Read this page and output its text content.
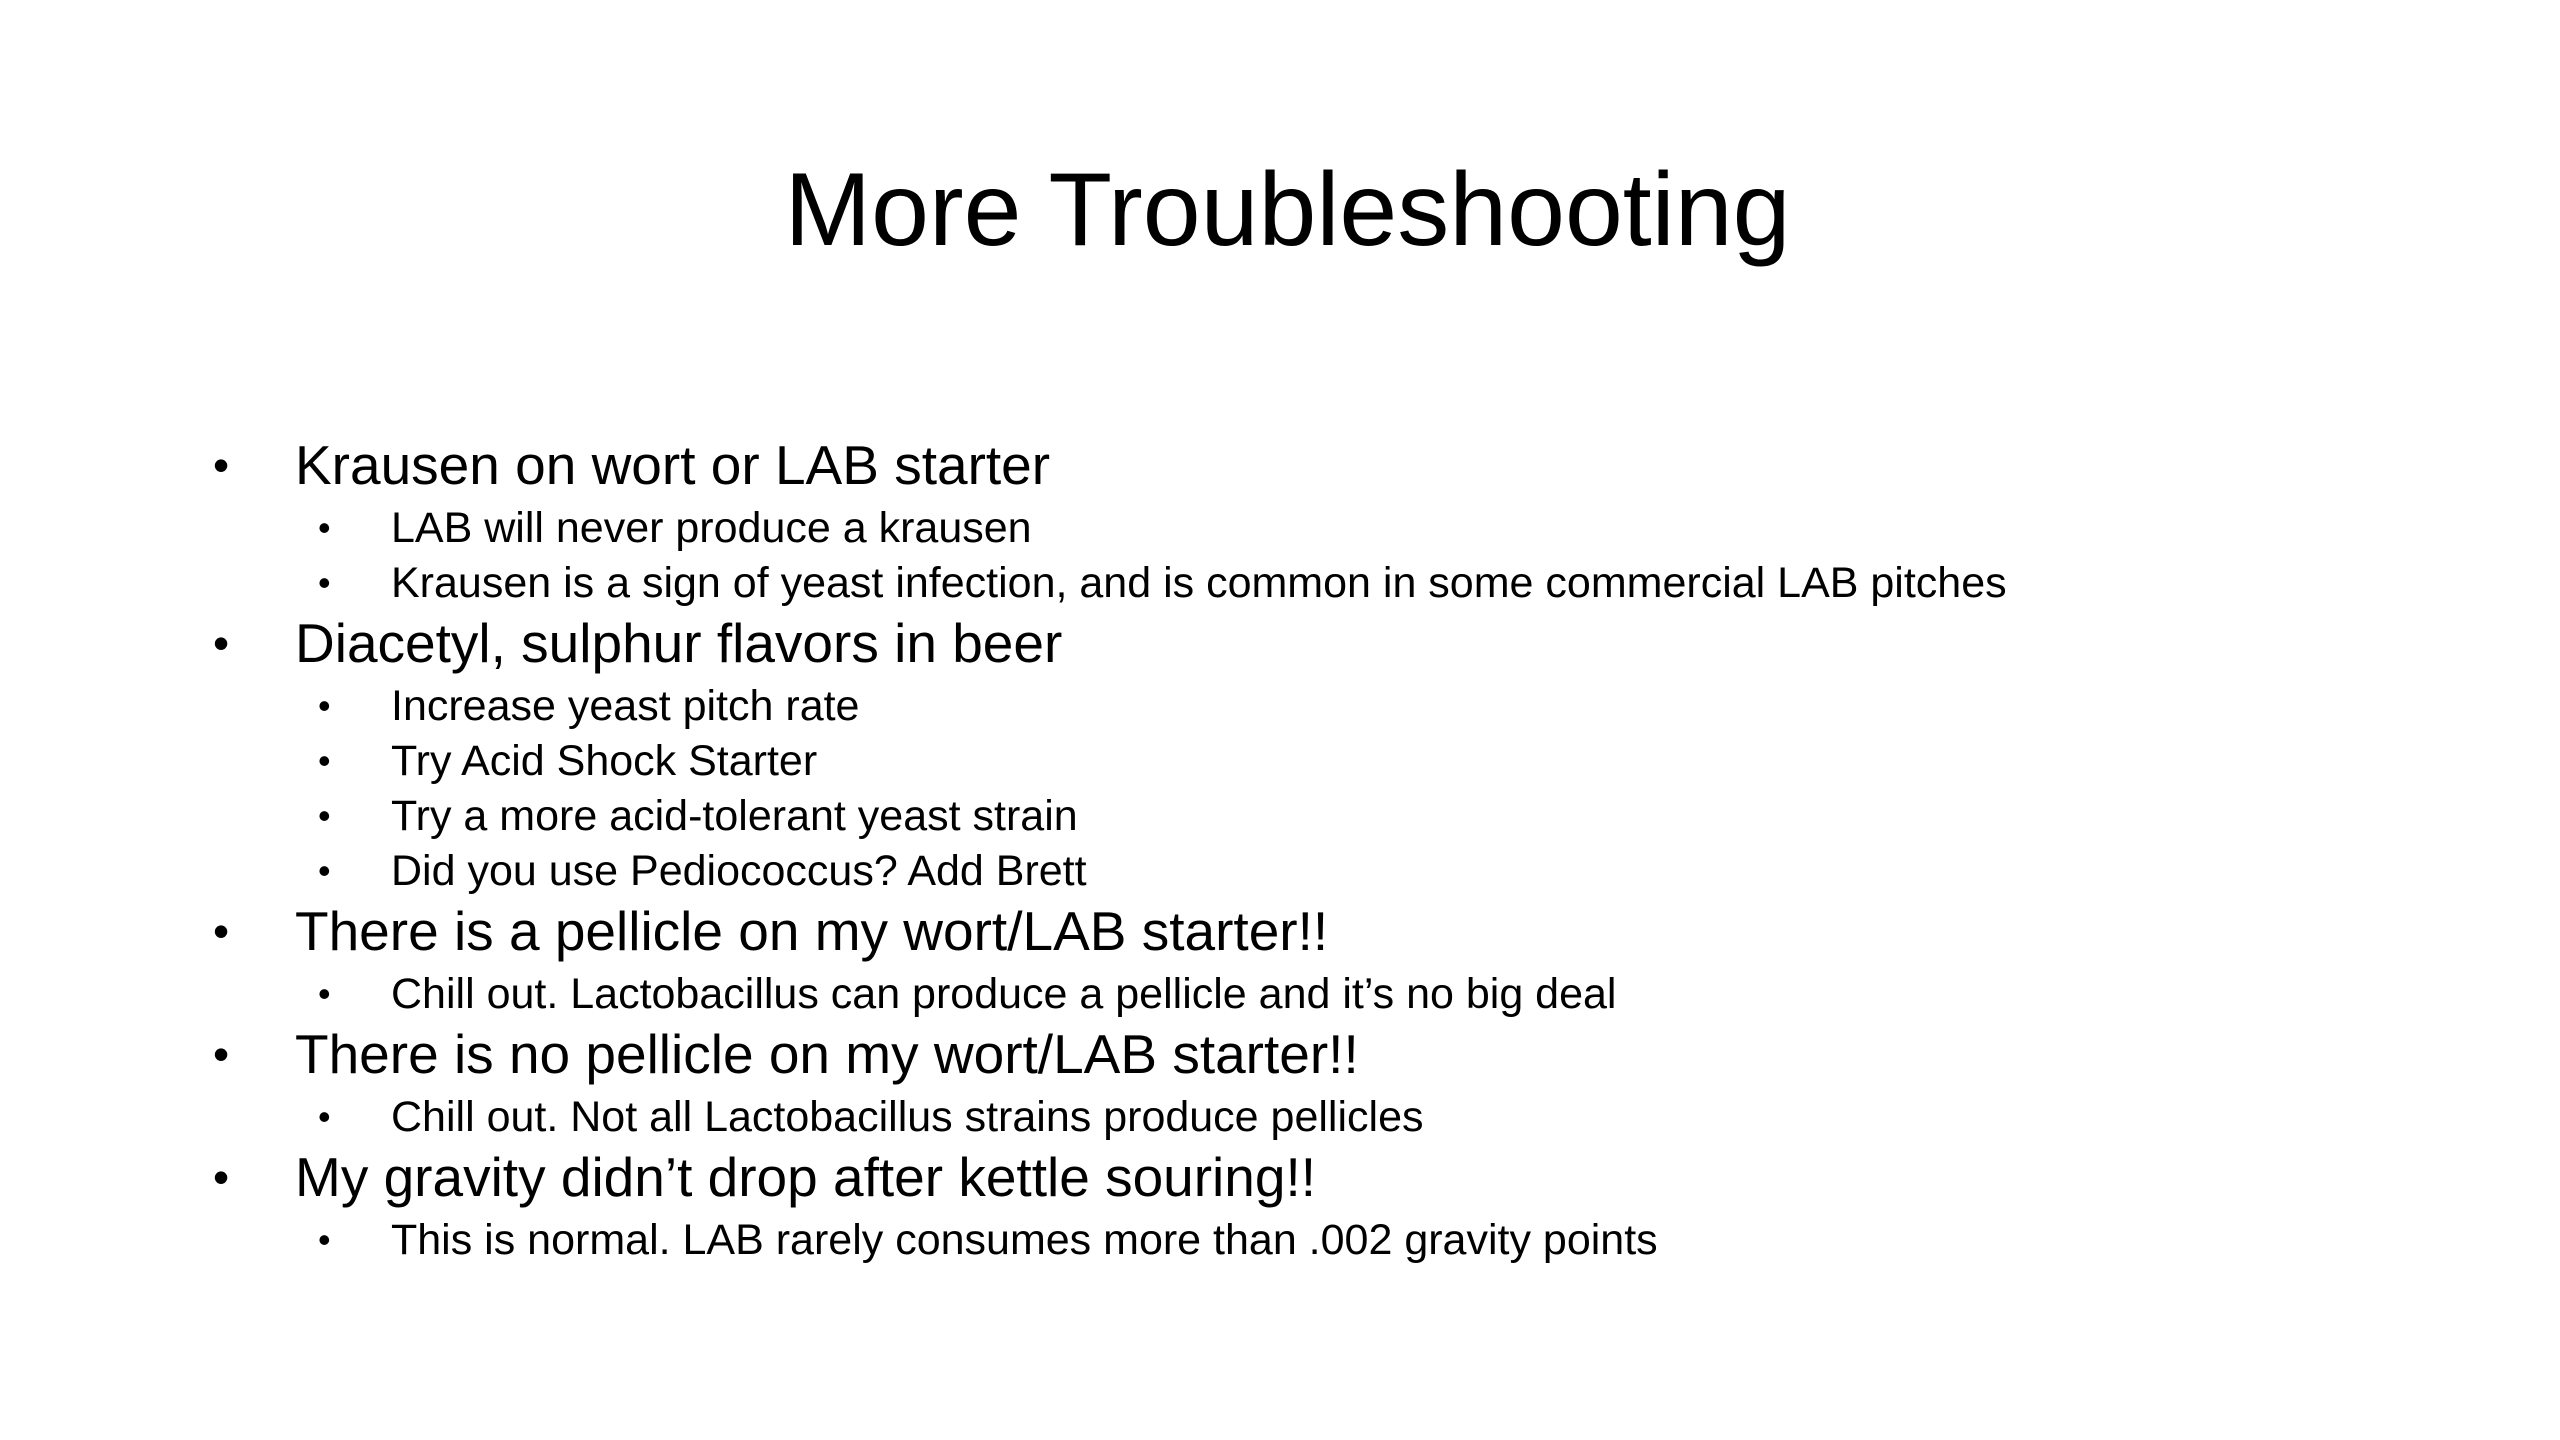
More Troubleshooting
• Krausen on wort or LAB starter
• LAB will never produce a krausen
• Krausen is a sign of yeast infection, and is common in some commercial LAB pitches
• Diacetyl, sulphur flavors in beer
• Increase yeast pitch rate
• Try Acid Shock Starter
• Try a more acid-tolerant yeast strain
• Did you use Pediococcus? Add Brett
• There is a pellicle on my wort/LAB starter!!
• Chill out. Lactobacillus can produce a pellicle and it’s no big deal
• There is no pellicle on my wort/LAB starter!!
• Chill out. Not all Lactobacillus strains produce pellicles
• My gravity didn’t drop after kettle souring!!
• This is normal. LAB rarely consumes more than .002 gravity points
